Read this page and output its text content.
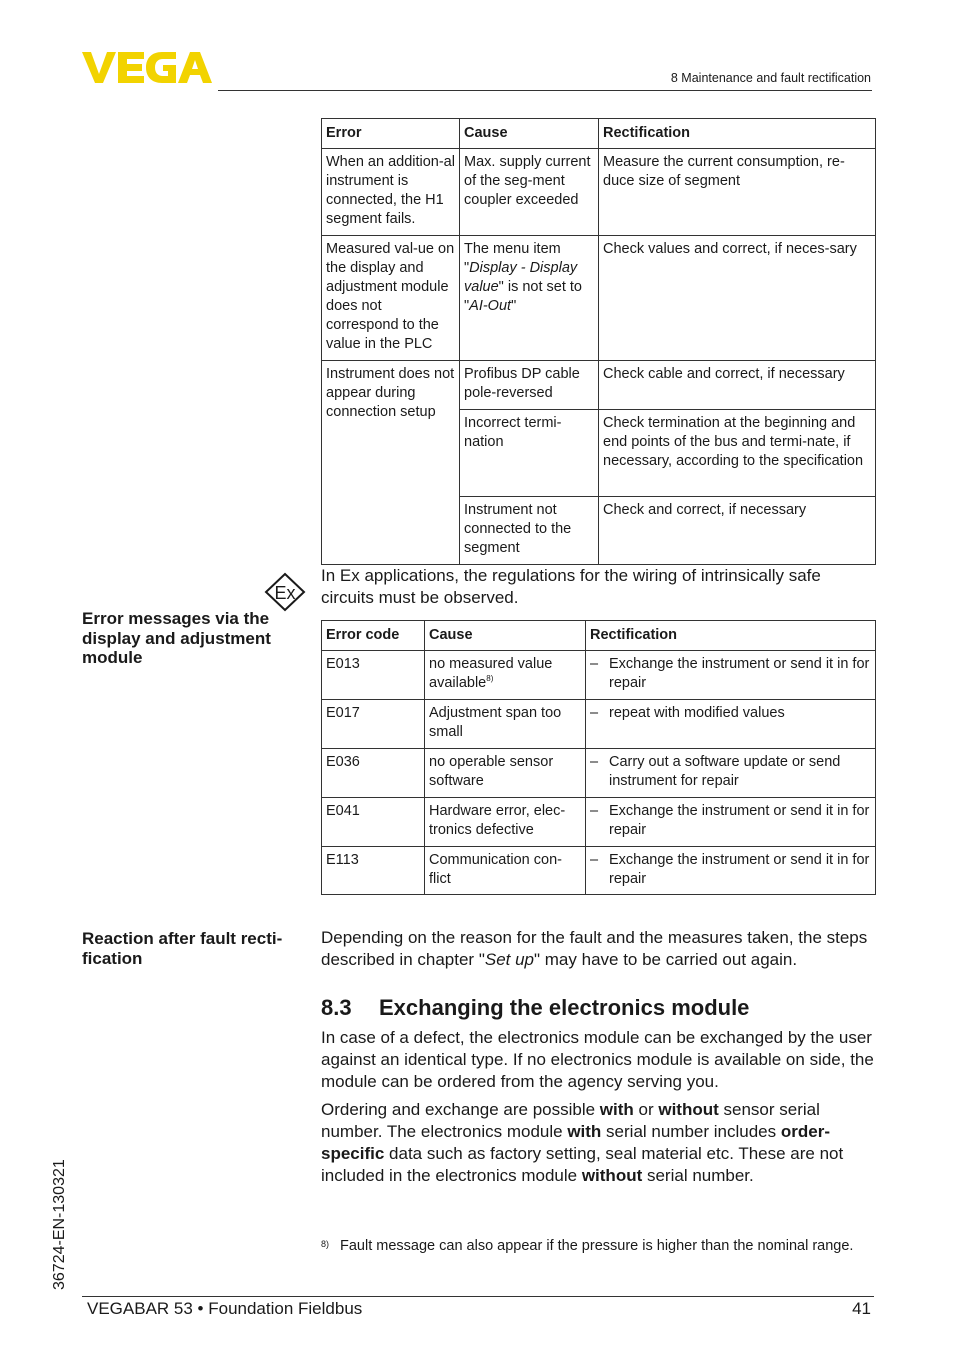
8 Maintenance and fault rectification
Error	Cause	Rectification
When an addition-al instrument is connected, the H1 segment fails.	Max. supply current of the seg-ment coupler exceeded	Measure the current consumption, re-duce size of segment
Measured val-ue on the display and adjustment module does not correspond to the value in the PLC	The menu item "Display - Display value" is not set to "AI-Out"	Check values and correct, if neces-sary
Instrument does not appear during connection setup	Profibus DP cable pole-reversed	Check cable and correct, if necessary
	Incorrect termi-nation	Check termination at the beginning and end points of the bus and termi-nate, if necessary, according to the specification
	Instrument not connected to the segment	Check and correct, if necessary
Ex
In Ex applications, the regulations for the wiring of intrinsically safe circuits must be observed.
Error messages via the display and adjustment module
Error code	Cause	Rectification
E013	no measured value available$^{8)}$	– Exchange the instrument or send it in for repair

E017	Adjustment span too small	– repeat with modified values

E036	no operable sensor software	– Carry out a software update or send instrument for repair

E041	Hardware error, elec-tronics defective	– Exchange the instrument or send it in for repair

E113	Communication con-flict	– Exchange the instrument or send it in for repair
Reaction after fault recti-fication
Depending on the reason for the fault and the measures taken, the steps described in chapter "Set up" may have to be carried out again.
8.3 Exchanging the electronics module

In case of a defect, the electronics module can be exchanged by the user against an identical type. If no electronics module is available on side, the module can be ordered from the agency serving you.

Ordering and exchange are possible with or without sensor serial number. The electronics module with serial number includes order-specific data such as factory setting, seal material etc. These are not included in the electronics module without serial number.

8) Fault message can also appear if the pressure is higher than the nominal range.
36724-EN-130321
VEGABAR 53 • Foundation Fieldbus	41
